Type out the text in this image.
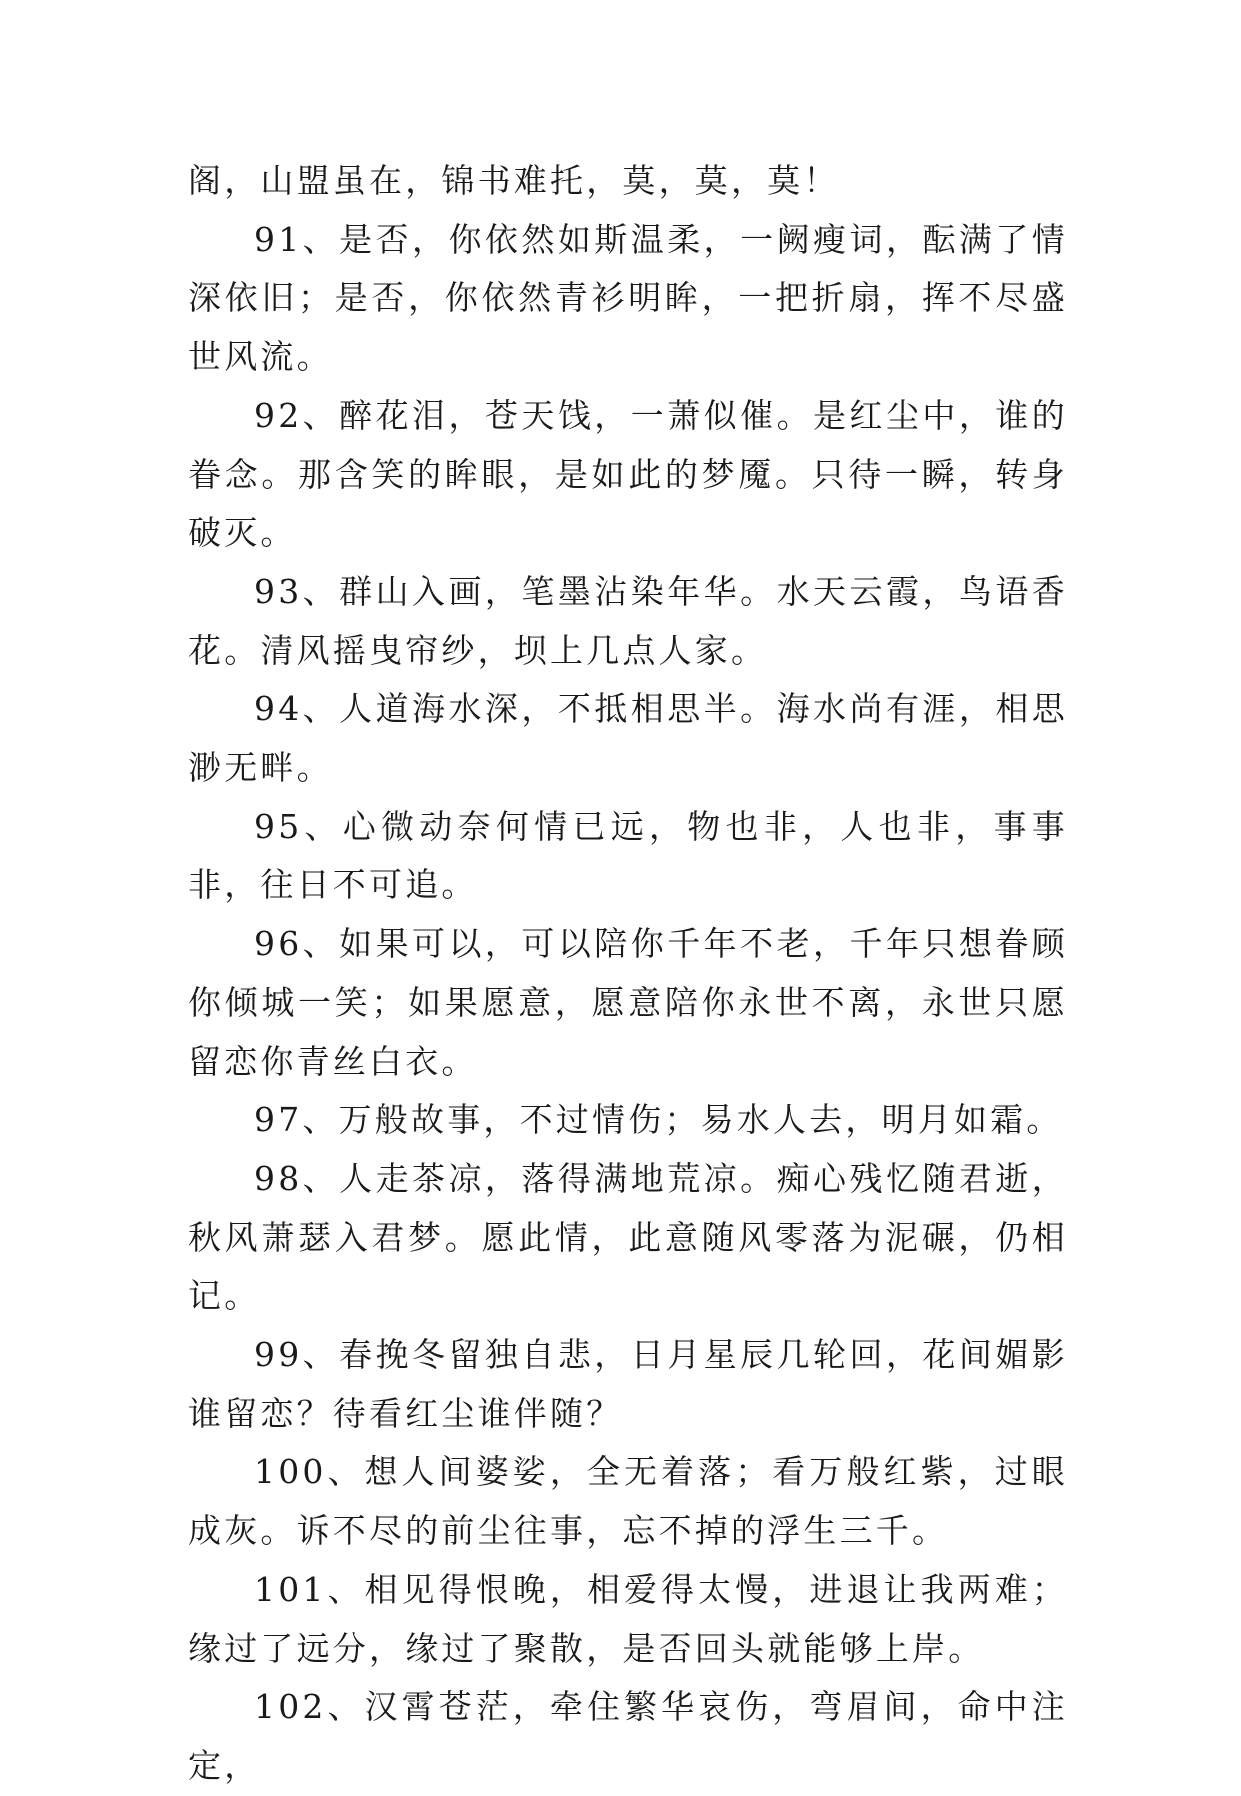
阁，山盟虽在，锦书难托，莫，莫，莫！

91、是否，你依然如斯温柔，一阙瘦词，酝满了情深依旧；是否，你依然青衫明眸，一把折扇，挥不尽盛世风流。

92、醉花泪，苍天饯，一萧似催。是红尘中，谁的眷念。那含笑的眸眼，是如此的梦魇。只待一瞬，转身破灭。

93、群山入画，笔墨沾染年华。水天云霞，鸟语香花。清风摇曳帘纱，坝上几点人家。

94、人道海水深，不抵相思半。海水尚有涯，相思渺无畔。

95、心微动奈何情已远，物也非，人也非，事事非，往日不可追。

96、如果可以，可以陪你千年不老，千年只想眷顾你倾城一笑；如果愿意，愿意陪你永世不离，永世只愿留恋你青丝白衣。

97、万般故事，不过情伤；易水人去，明月如霜。

98、人走茶凉，落得满地荒凉。痴心残忆随君逝，秋风萧瑟入君梦。愿此情，此意随风零落为泥碾，仍相记。

99、春挽冬留独自悲，日月星辰几轮回，花间媚影谁留恋？待看红尘谁伴随？

100、想人间婆娑，全无着落；看万般红紫，过眼成灰。诉不尽的前尘往事，忘不掉的浮生三千。

101、相见得恨晚，相爱得太慢，进退让我两难；缘过了远分，缘过了聚散，是否回头就能够上岸。

102、汉霄苍茫，牵住繁华哀伤，弯眉间，命中注定，
